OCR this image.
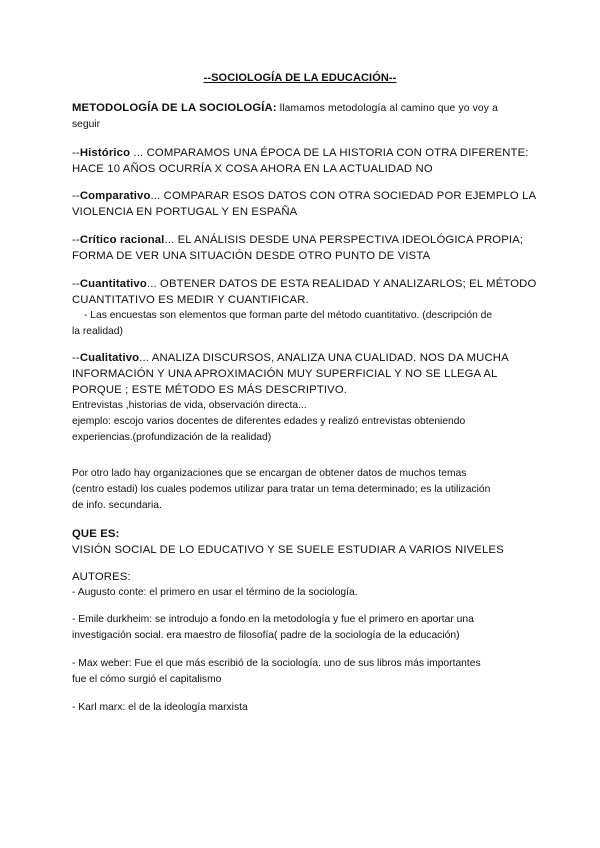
--SOCIOLOGÍA DE LA EDUCACIÓN--
METODOLOGÍA DE LA SOCIOLOGÍA: llamamos metodología al camino que yo voy a
seguir
--Histórico ... COMPARAMOS UNA ÉPOCA DE LA HISTORIA CON OTRA DIFERENTE:
HACE 10 AÑOS OCURRÍA X COSA AHORA EN LA ACTUALIDAD NO
--Comparativo... COMPARAR ESOS DATOS CON OTRA SOCIEDAD POR EJEMPLO LA
VIOLENCIA EN PORTUGAL Y EN ESPAÑA
--Crítico racional... EL ANÁLISIS DESDE UNA PERSPECTIVA IDEOLÓGICA PROPIA;
FORMA DE VER UNA SITUACIÓN DESDE OTRO PUNTO DE VISTA
--Cuantitativo... OBTENER DATOS DE ESTA REALIDAD Y ANALIZARLOS; EL MÉTODO
CUANTITATIVO ES MEDIR Y CUANTIFICAR.
- Las encuestas son elementos que forman parte del método cuantitativo. (descripción de
la realidad)
--Cualitativo... ANALIZA DISCURSOS, ANALIZA UNA CUALIDAD. NOS DA MUCHA
INFORMACIÓN Y UNA APROXIMACIÓN MUY SUPERFICIAL Y NO SE LLEGA AL
PORQUE ; ESTE MÉTODO ES MÁS DESCRIPTIVO.
Entrevistas ,historias de vida, observación directa...
ejemplo: escojo varios docentes de diferentes edades y realizó entrevistas obteniendo
experiencias.(profundización de la realidad)
Por otro lado hay organizaciones que se encargan de obtener datos de muchos temas
(centro estadi) los cuales podemos utilizar para tratar un tema determinado; es la utilización
de info. secundaria.
QUE ES:
VISIÓN SOCIAL DE LO EDUCATIVO Y SE SUELE ESTUDIAR A VARIOS NIVELES
AUTORES:
- Augusto conte: el primero en usar el término de la sociología.
- Emile durkheim: se introdujo a fondo en la metodología y fue el primero en aportar una
investigación social. era maestro de filosofía( padre de la sociología de la educación)
- Max weber: Fue el que más escribió de la sociología. uno de sus libros más importantes
fue el cómo surgió el capitalismo
- Karl marx: el de la ideología marxista
